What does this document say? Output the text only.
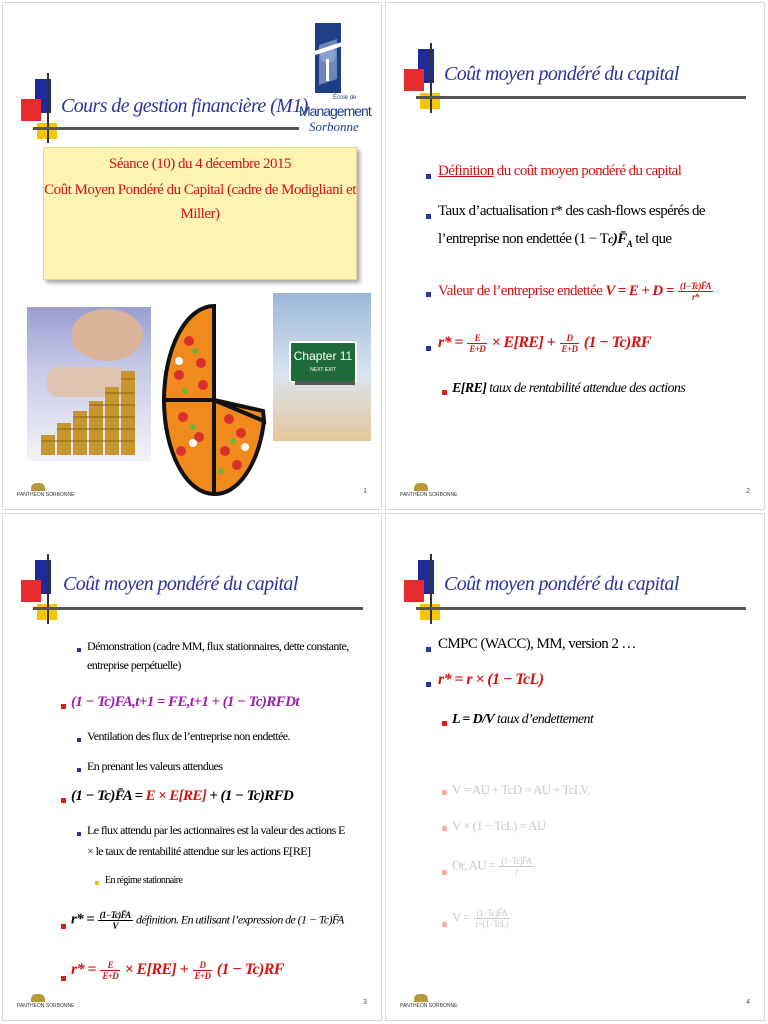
Cours de gestion financière (M1)	École de
Management
Sorbonne
Séance (10) du 4 décembre 2015
Coût Moyen Pondéré du Capital (cadre de Modigliani et
Miller)
Chapter 11
NEXT EXIT
PANTHÉON SORBONNE	1
Coût moyen pondéré du capital
Définition du coût moyen pondéré du capital
Taux d’actualisation r* des cash-flows espérés de
l’entreprise non endettée $(1 - Tc)F̄_A$ tel que
Valeur de l’entreprise endettée $V = E + D = \frac{(1-Tc)F̄A}{r*}$
$r* = \frac{E}{E+D} \times E[RE] + \frac{D}{E+D} (1 - Tc)RF$
E[RE] taux de rentabilité attendue des actions
PANTHÉON SORBONNE	2
Coût moyen pondéré du capital
Démonstration (cadre MM, flux stationnaires, dette constante,
entreprise perpétuelle)
(1 − Tc)FA,t+1 = FE,t+1 + (1 − Tc)RFDt
Ventilation des flux de l’entreprise non endettée.
En prenant les valeurs attendues
(1 − Tc)F̄A = E × E[RE] + (1 − Tc)RFD
Le flux attendu par les actionnaires est la valeur des actions E
× le taux de rentabilité attendue sur les actions E[RE]
En régime stationnaire
$r* = \frac{(1-Tc)F̄A}{V}$ définition. En utilisant l’expression de (1 − Tc)F̄A
$r* = \frac{E}{E+D} \times E[RE] + \frac{D}{E+D} (1 - Tc)RF$
PANTHÉON SORBONNE	3
Coût moyen pondéré du capital
CMPC (WACC), MM, version 2 …
r* = r × (1 − TcL)
L = D/V taux d’endettement
V = AU + TcD = AU + TcLV,
V × (1 − TcL) = AU
Or, AU = $\frac{(1-Tc)F̄A}{r}$
$V = \frac{(1-Tc)F̄A}{\text{r×(1−TcL)}}$
PANTHÉON SORBONNE	4
